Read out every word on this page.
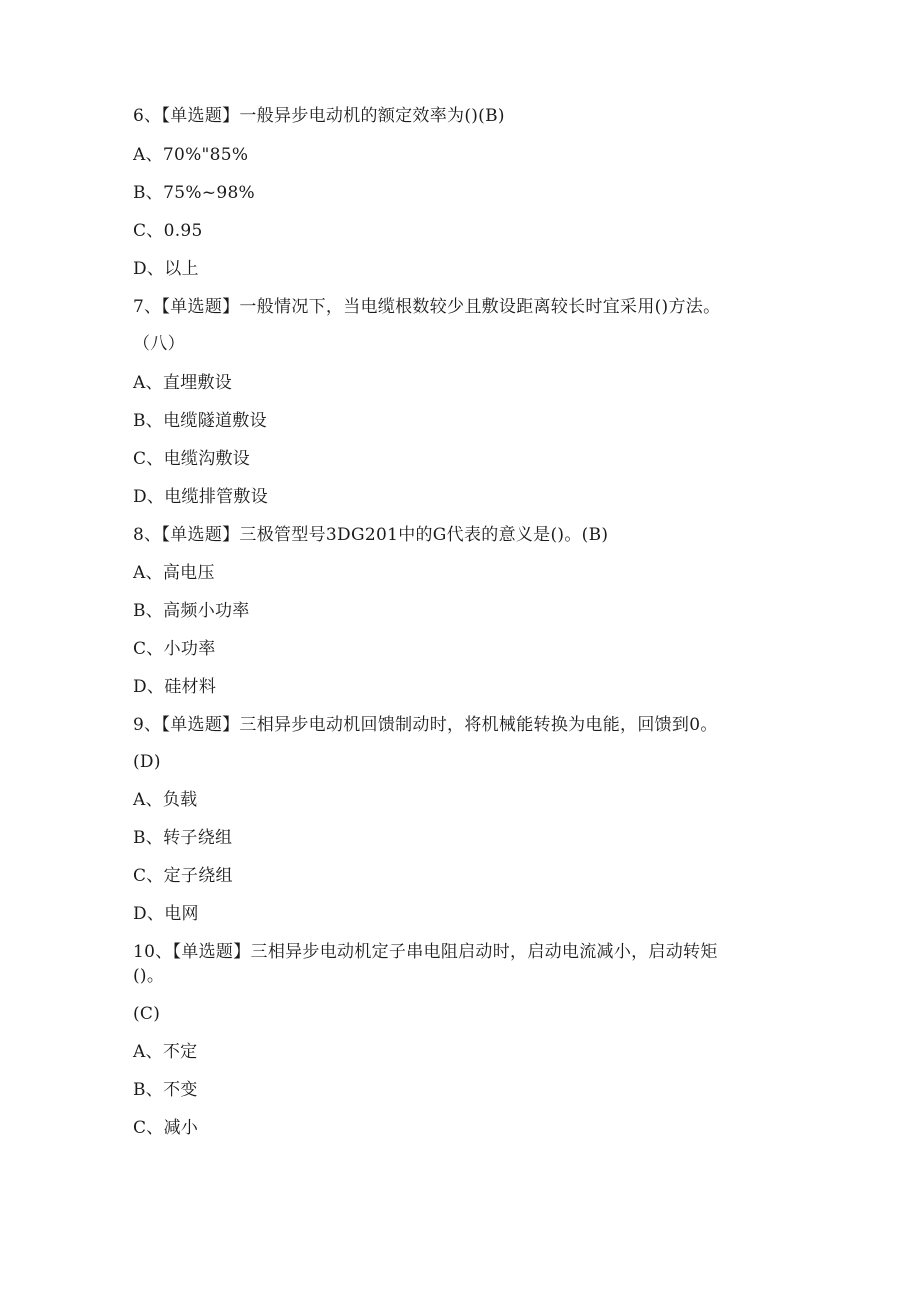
6、【单选题】一般异步电动机的额定效率为()(B)
A、70%"85%
B、75%~98%
C、0.95
D、以上
7、【单选题】一般情况下，当电缆根数较少且敷设距离较长时宜采用()方法。
（八）
A、直埋敷设
B、电缆隧道敷设
C、电缆沟敷设
D、电缆排管敷设
8、【单选题】三极管型号3DG201中的G代表的意义是()。(B)
A、高电压
B、高频小功率
C、小功率
D、硅材料
9、【单选题】三相异步电动机回馈制动时，将机械能转换为电能，回馈到0。
(D)
A、负载
B、转子绕组
C、定子绕组
D、电网
10、【单选题】三相异步电动机定子串电阻启动时，启动电流减小，启动转矩
()。
(C)
A、不定
B、不变
C、减小
